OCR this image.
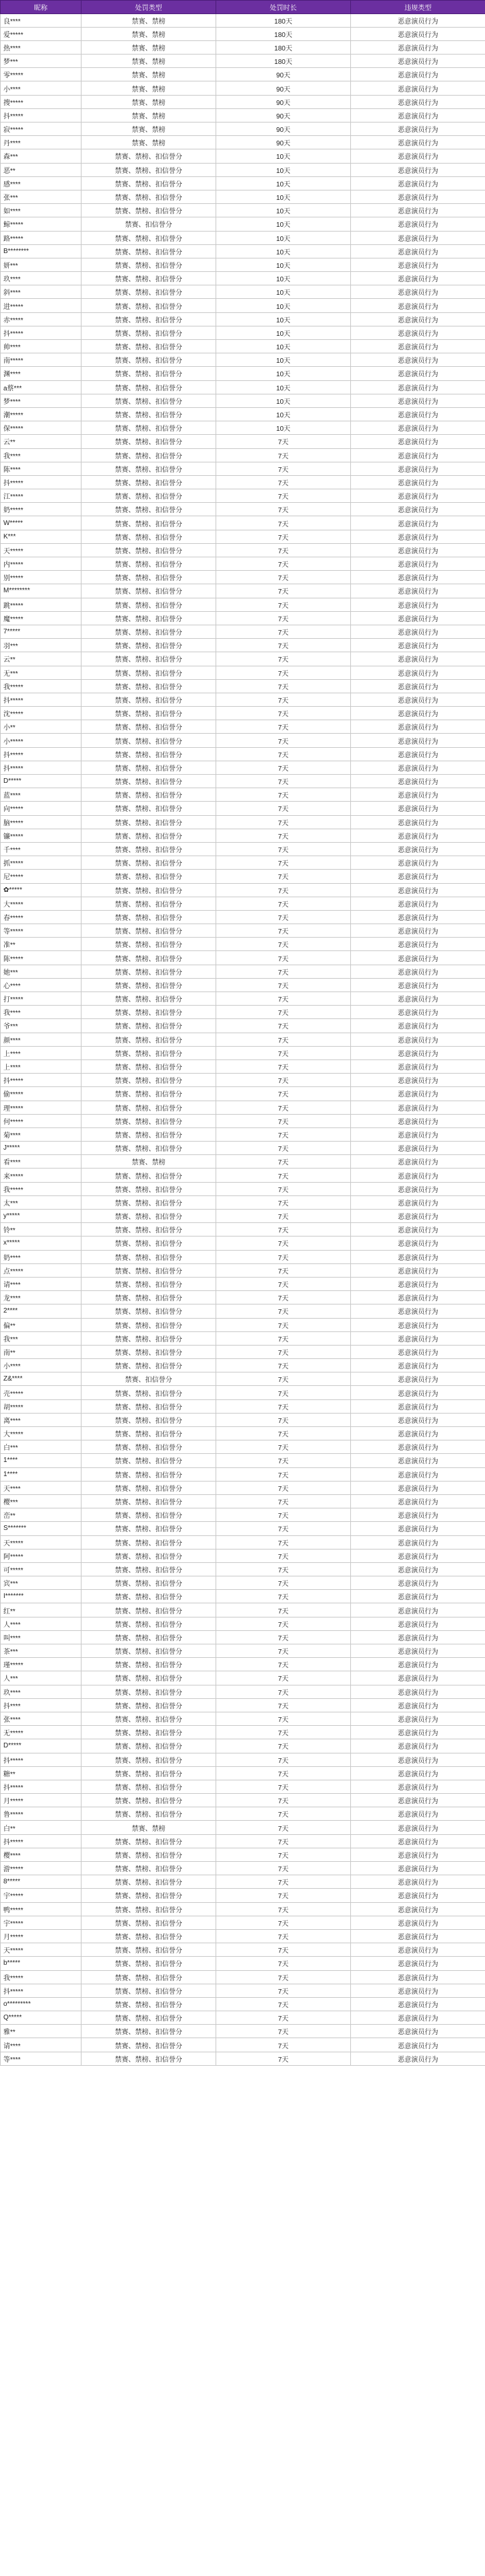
昵称	处罚类型	处罚时长	违规类型
良****	禁赛、禁榜	180天	恶意演员行为
爱*****	禁赛、禁榜	180天	恶意演员行为
热****	禁赛、禁榜	180天	恶意演员行为
梦***	禁赛、禁榜	180天	恶意演员行为
零*****	禁赛、禁榜	90天	恶意演员行为
小****	禁赛、禁榜	90天	恶意演员行为
搜*****	禁赛、禁榜	90天	恶意演员行为
抖*****	禁赛、禁榜	90天	恶意演员行为
寂*****	禁赛、禁榜	90天	恶意演员行为
丹****	禁赛、禁榜	90天	恶意演员行为
森***	禁赛、禁榜、扣信誉分	10天	恶意演员行为
恶**	禁赛、禁榜、扣信誉分	10天	恶意演员行为
感****	禁赛、禁榜、扣信誉分	10天	恶意演员行为
张***	禁赛、禁榜、扣信誉分	10天	恶意演员行为
如****	禁赛、禁榜、扣信誉分	10天	恶意演员行为
鲸*****	禁赛、扣信誉分	10天	恶意演员行为
路*****	禁赛、禁榜、扣信誉分	10天	恶意演员行为
B********	禁赛、禁榜、扣信誉分	10天	恶意演员行为
妍***	禁赛、禁榜、扣信誉分	10天	恶意演员行为
玖****	禁赛、禁榜、扣信誉分	10天	恶意演员行为
斜****	禁赛、禁榜、扣信誉分	10天	恶意演员行为
进*****	禁赛、禁榜、扣信誉分	10天	恶意演员行为
赤*****	禁赛、禁榜、扣信誉分	10天	恶意演员行为
抖*****	禁赛、禁榜、扣信誉分	10天	恶意演员行为
帅****	禁赛、禁榜、扣信誉分	10天	恶意演员行为
南*****	禁赛、禁榜、扣信誉分	10天	恶意演员行为
渊****	禁赛、禁榜、扣信誉分	10天	恶意演员行为
a蔡***	禁赛、禁榜、扣信誉分	10天	恶意演员行为
梦****	禁赛、禁榜、扣信誉分	10天	恶意演员行为
潮*****	禁赛、禁榜、扣信誉分	10天	恶意演员行为
保*****	禁赛、禁榜、扣信誉分	10天	恶意演员行为
云**	禁赛、禁榜、扣信誉分	7天	恶意演员行为
我****	禁赛、禁榜、扣信誉分	7天	恶意演员行为
陈****	禁赛、禁榜、扣信誉分	7天	恶意演员行为
抖*****	禁赛、禁榜、扣信誉分	7天	恶意演员行为
江*****	禁赛、禁榜、扣信誉分	7天	恶意演员行为
奶*****	禁赛、禁榜、扣信誉分	7天	恶意演员行为
W*****	禁赛、禁榜、扣信誉分	7天	恶意演员行为
K***	禁赛、禁榜、扣信誉分	7天	恶意演员行为
天*****	禁赛、禁榜、扣信誉分	7天	恶意演员行为
内*****	禁赛、禁榜、扣信誉分	7天	恶意演员行为
别*****	禁赛、禁榜、扣信誉分	7天	恶意演员行为
M********	禁赛、禁榜、扣信誉分	7天	恶意演员行为
跳*****	禁赛、禁榜、扣信誉分	7天	恶意演员行为
魔*****	禁赛、禁榜、扣信誉分	7天	恶意演员行为
7*****	禁赛、禁榜、扣信誉分	7天	恶意演员行为
羽***	禁赛、禁榜、扣信誉分	7天	恶意演员行为
云**	禁赛、禁榜、扣信誉分	7天	恶意演员行为
无***	禁赛、禁榜、扣信誉分	7天	恶意演员行为
我*****	禁赛、禁榜、扣信誉分	7天	恶意演员行为
抖*****	禁赛、禁榜、扣信誉分	7天	恶意演员行为
沈*****	禁赛、禁榜、扣信誉分	7天	恶意演员行为
小**	禁赛、禁榜、扣信誉分	7天	恶意演员行为
小*****	禁赛、禁榜、扣信誉分	7天	恶意演员行为
抖*****	禁赛、禁榜、扣信誉分	7天	恶意演员行为
抖*****	禁赛、禁榜、扣信誉分	7天	恶意演员行为
D*****	禁赛、禁榜、扣信誉分	7天	恶意演员行为
蓝****	禁赛、禁榜、扣信誉分	7天	恶意演员行为
向*****	禁赛、禁榜、扣信誉分	7天	恶意演员行为
脑*****	禁赛、禁榜、扣信誉分	7天	恶意演员行为
镰*****	禁赛、禁榜、扣信誉分	7天	恶意演员行为
千****	禁赛、禁榜、扣信誉分	7天	恶意演员行为
抓*****	禁赛、禁榜、扣信誉分	7天	恶意演员行为
尼*****	禁赛、禁榜、扣信誉分	7天	恶意演员行为
✿*****	禁赛、禁榜、扣信誉分	7天	恶意演员行为
大*****	禁赛、禁榜、扣信誉分	7天	恶意演员行为
春*****	禁赛、禁榜、扣信誉分	7天	恶意演员行为
等*****	禁赛、禁榜、扣信誉分	7天	恶意演员行为
准**	禁赛、禁榜、扣信誉分	7天	恶意演员行为
陈*****	禁赛、禁榜、扣信誉分	7天	恶意演员行为
她***	禁赛、禁榜、扣信誉分	7天	恶意演员行为
心****	禁赛、禁榜、扣信誉分	7天	恶意演员行为
打*****	禁赛、禁榜、扣信誉分	7天	恶意演员行为
我****	禁赛、禁榜、扣信誉分	7天	恶意演员行为
爷***	禁赛、禁榜、扣信誉分	7天	恶意演员行为
颜****	禁赛、禁榜、扣信誉分	7天	恶意演员行为
上****	禁赛、禁榜、扣信誉分	7天	恶意演员行为
上****	禁赛、禁榜、扣信誉分	7天	恶意演员行为
抖*****	禁赛、禁榜、扣信誉分	7天	恶意演员行为
偷*****	禁赛、禁榜、扣信誉分	7天	恶意演员行为
理*****	禁赛、禁榜、扣信誉分	7天	恶意演员行为
何*****	禁赛、禁榜、扣信誉分	7天	恶意演员行为
菊****	禁赛、禁榜、扣信誉分	7天	恶意演员行为
J*****	禁赛、禁榜、扣信誉分	7天	恶意演员行为
看****	禁赛、禁榜	7天	恶意演员行为
来*****	禁赛、禁榜、扣信誉分	7天	恶意演员行为
我*****	禁赛、禁榜、扣信誉分	7天	恶意演员行为
太***	禁赛、禁榜、扣信誉分	7天	恶意演员行为
y*****	禁赛、禁榜、扣信誉分	7天	恶意演员行为
铃**	禁赛、禁榜、扣信誉分	7天	恶意演员行为
x*****	禁赛、禁榜、扣信誉分	7天	恶意演员行为
奶****	禁赛、禁榜、扣信誉分	7天	恶意演员行为
点*****	禁赛、禁榜、扣信誉分	7天	恶意演员行为
请****	禁赛、禁榜、扣信誉分	7天	恶意演员行为
龙****	禁赛、禁榜、扣信誉分	7天	恶意演员行为
2****	禁赛、禁榜、扣信誉分	7天	恶意演员行为
偏**	禁赛、禁榜、扣信誉分	7天	恶意演员行为
我***	禁赛、禁榜、扣信誉分	7天	恶意演员行为
南**	禁赛、禁榜、扣信誉分	7天	恶意演员行为
小****	禁赛、禁榜、扣信誉分	7天	恶意演员行为
Z&****	禁赛、扣信誉分	7天	恶意演员行为
壳*****	禁赛、禁榜、扣信誉分	7天	恶意演员行为
胡*****	禁赛、禁榜、扣信誉分	7天	恶意演员行为
离****	禁赛、禁榜、扣信誉分	7天	恶意演员行为
大*****	禁赛、禁榜、扣信誉分	7天	恶意演员行为
白***	禁赛、禁榜、扣信誉分	7天	恶意演员行为
1****	禁赛、禁榜、扣信誉分	7天	恶意演员行为
1****	禁赛、禁榜、扣信誉分	7天	恶意演员行为
天****	禁赛、禁榜、扣信誉分	7天	恶意演员行为
樱***	禁赛、禁榜、扣信誉分	7天	恶意演员行为
峦**	禁赛、禁榜、扣信誉分	7天	恶意演员行为
S*******	禁赛、禁榜、扣信誉分	7天	恶意演员行为
天*****	禁赛、禁榜、扣信誉分	7天	恶意演员行为
阿*****	禁赛、禁榜、扣信誉分	7天	恶意演员行为
可*****	禁赛、禁榜、扣信誉分	7天	恶意演员行为
宾***	禁赛、禁榜、扣信誉分	7天	恶意演员行为
I*******	禁赛、禁榜、扣信誉分	7天	恶意演员行为
红**	禁赛、禁榜、扣信誉分	7天	恶意演员行为
人****	禁赛、禁榜、扣信誉分	7天	恶意演员行为
叫****	禁赛、禁榜、扣信誉分	7天	恶意演员行为
茶***	禁赛、禁榜、扣信誉分	7天	恶意演员行为
瑾*****	禁赛、禁榜、扣信誉分	7天	恶意演员行为
人***	禁赛、禁榜、扣信誉分	7天	恶意演员行为
玖****	禁赛、禁榜、扣信誉分	7天	恶意演员行为
抖****	禁赛、禁榜、扣信誉分	7天	恶意演员行为
张****	禁赛、禁榜、扣信誉分	7天	恶意演员行为
无*****	禁赛、禁榜、扣信誉分	7天	恶意演员行为
D*****	禁赛、禁榜、扣信誉分	7天	恶意演员行为
抖*****	禁赛、禁榜、扣信誉分	7天	恶意演员行为
糖**	禁赛、禁榜、扣信誉分	7天	恶意演员行为
抖*****	禁赛、禁榜、扣信誉分	7天	恶意演员行为
月*****	禁赛、禁榜、扣信誉分	7天	恶意演员行为
鲁*****	禁赛、禁榜、扣信誉分	7天	恶意演员行为
白**	禁赛、禁榜	7天	恶意演员行为
抖*****	禁赛、禁榜、扣信誉分	7天	恶意演员行为
樱****	禁赛、禁榜、扣信誉分	7天	恶意演员行为
游*****	禁赛、禁榜、扣信誉分	7天	恶意演员行为
8*****	禁赛、禁榜、扣信誉分	7天	恶意演员行为
宇*****	禁赛、禁榜、扣信誉分	7天	恶意演员行为
鸭*****	禁赛、禁榜、扣信誉分	7天	恶意演员行为
宇*****	禁赛、禁榜、扣信誉分	7天	恶意演员行为
月*****	禁赛、禁榜、扣信誉分	7天	恶意演员行为
天*****	禁赛、禁榜、扣信誉分	7天	恶意演员行为
b*****	禁赛、禁榜、扣信誉分	7天	恶意演员行为
我*****	禁赛、禁榜、扣信誉分	7天	恶意演员行为
抖*****	禁赛、禁榜、扣信誉分	7天	恶意演员行为
o*********	禁赛、禁榜、扣信誉分	7天	恶意演员行为
Q*****	禁赛、禁榜、扣信誉分	7天	恶意演员行为
雅**	禁赛、禁榜、扣信誉分	7天	恶意演员行为
请****	禁赛、禁榜、扣信誉分	7天	恶意演员行为
等****	禁赛、禁榜、扣信誉分	7天	恶意演员行为
